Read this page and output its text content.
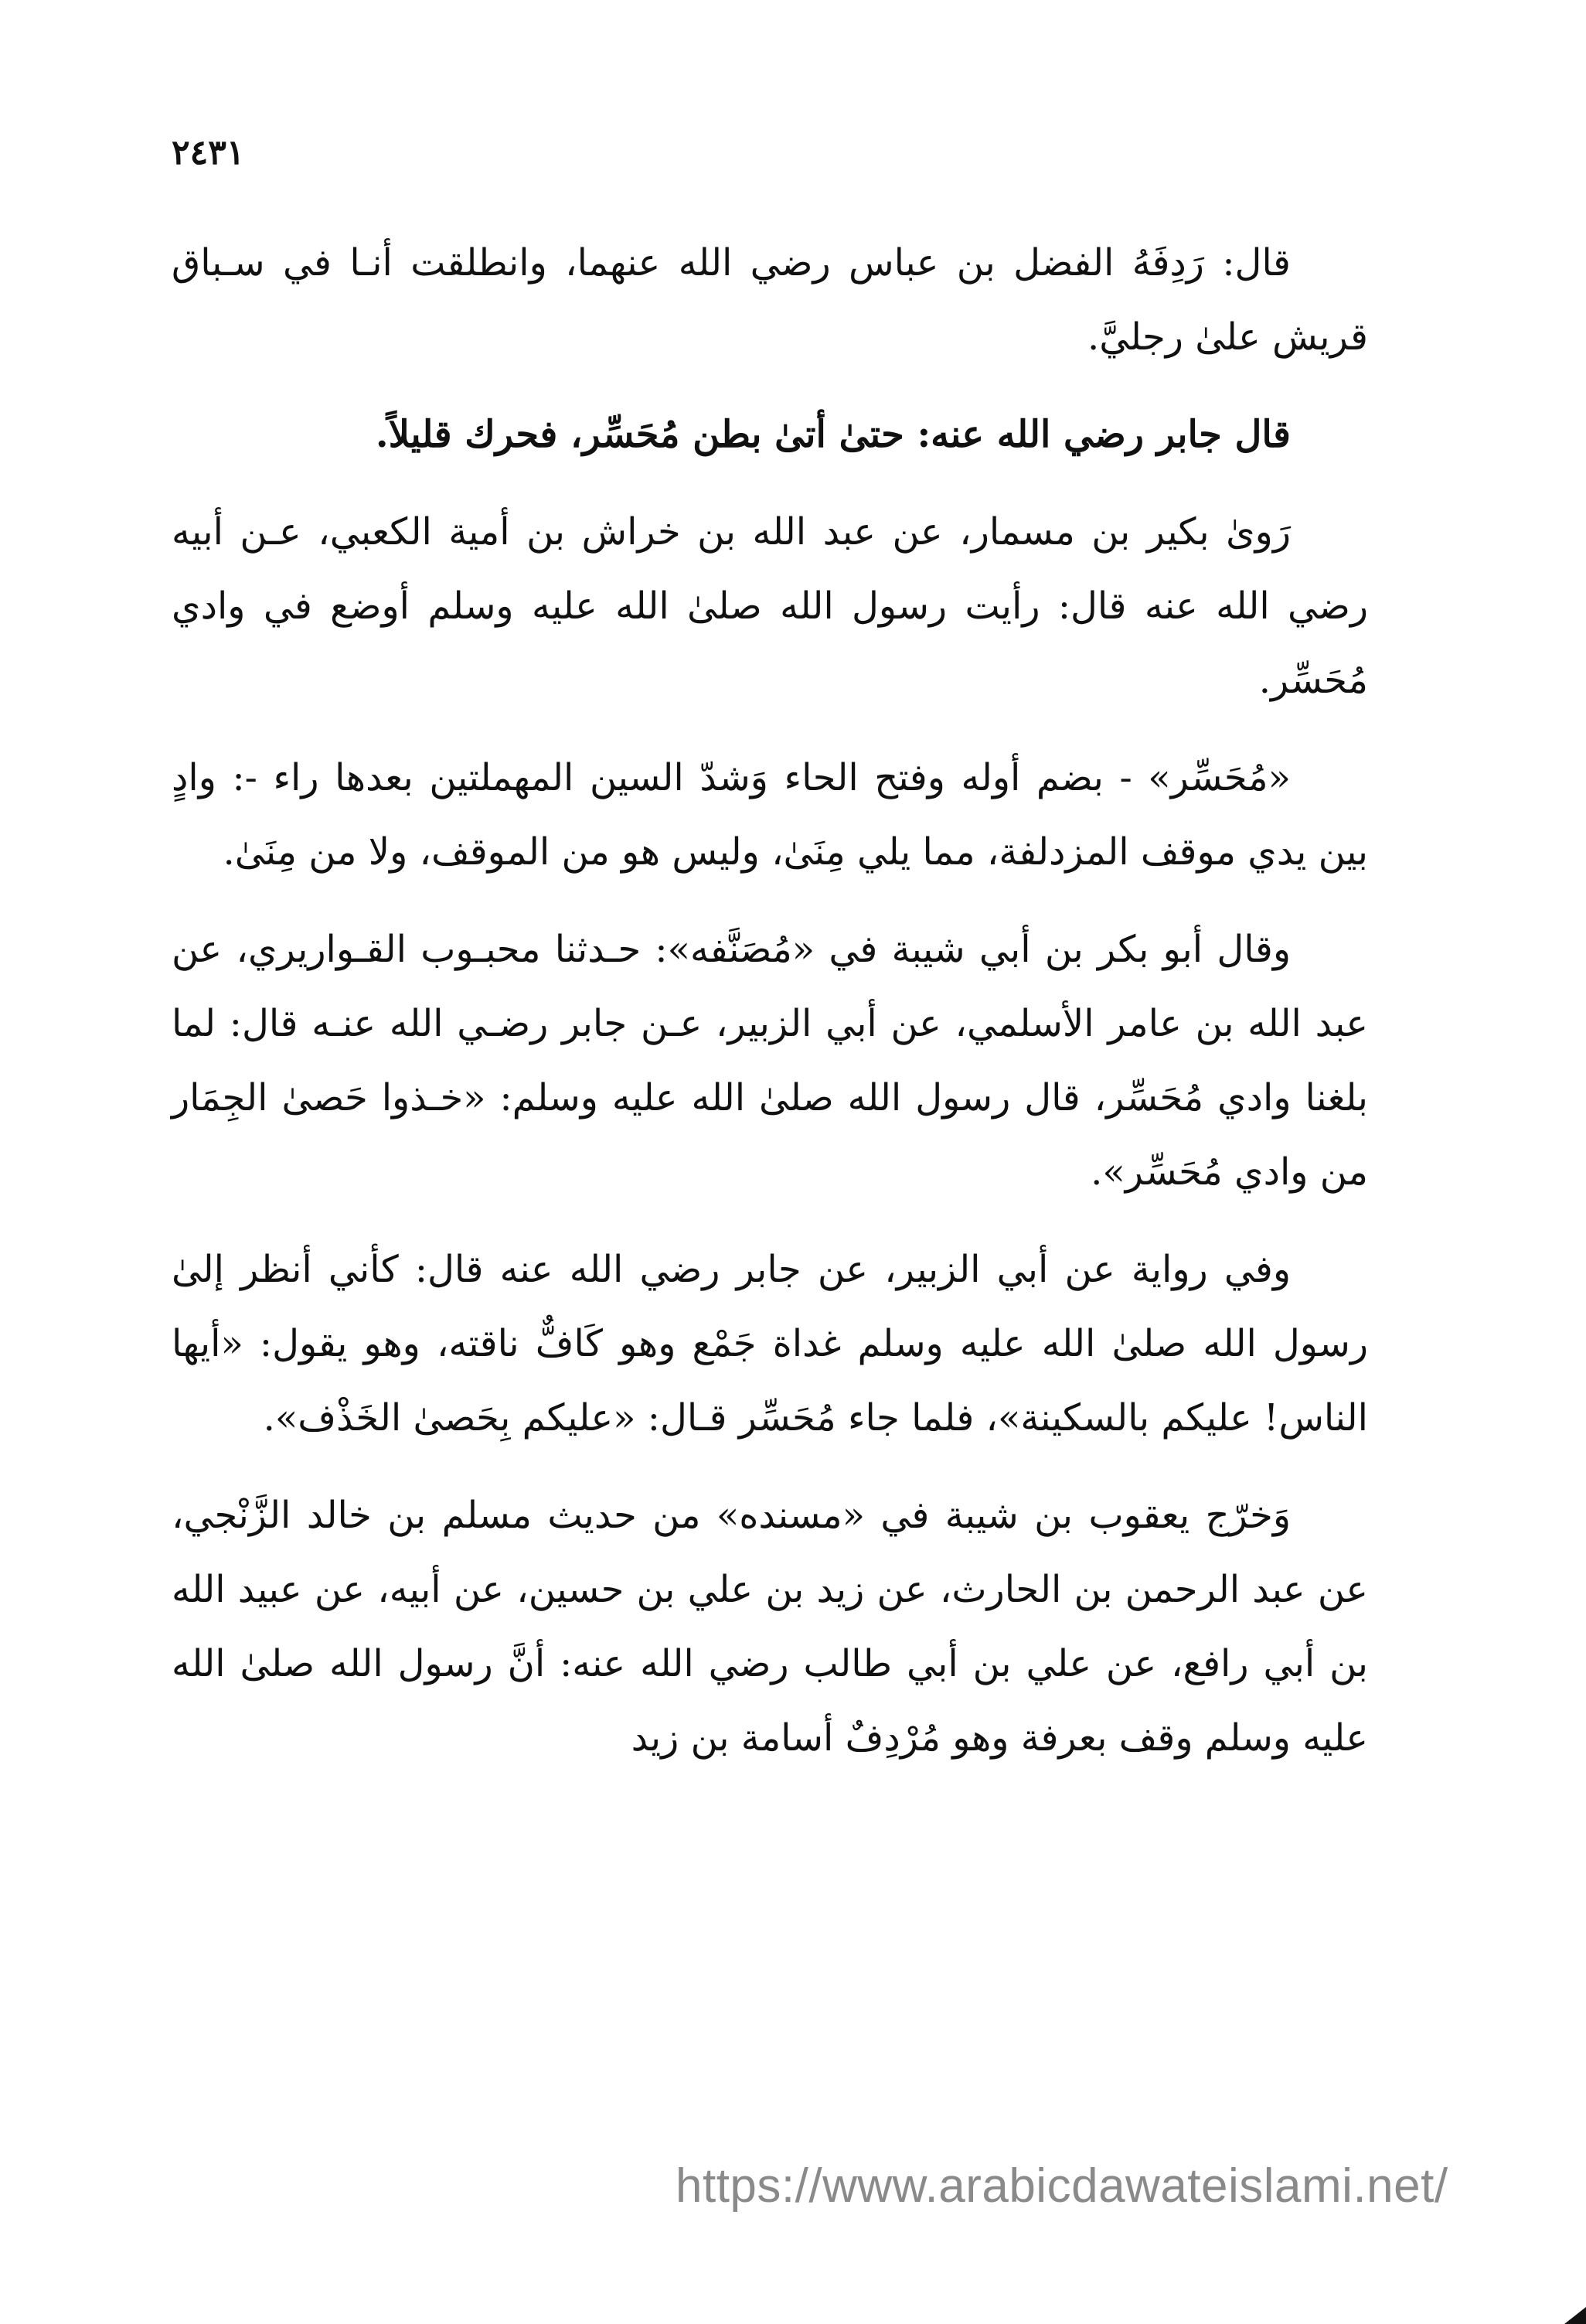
٢٤٣١

قال: رَدِفَهُ الفضل بن عباس رضي الله عنهما، وانطلقت أنـا في سـباق قريش علىٰ رجليَّ.

قال جابر رضي الله عنه: حتىٰ أتىٰ بطن مُحَسِّر، فحرك قليلاً.

رَوىٰ بكير بن مسمار، عن عبد الله بن خراش بن أمية الكعبي، عـن أبيه رضي الله عنه قال: رأيت رسول الله صلىٰ الله عليه وسلم أوضع في وادي مُحَسِّر.

«مُحَسِّر» - بضم أوله وفتح الحاء وَشدّ السين المهملتين بعدها راء -: وادٍ بين يدي موقف المزدلفة، مما يلي مِنَىٰ، وليس هو من الموقف، ولا من مِنَىٰ.

وقال أبو بكر بن أبي شيبة في «مُصَنَّفه»: حـدثنا محبـوب القـواريري، عن عبد الله بن عامر الأسلمي، عن أبي الزبير، عـن جابر رضـي الله عنـه قال: لما بلغنا وادي مُحَسِّر، قال رسول الله صلىٰ الله عليه وسلم: «خـذوا حَصىٰ الجِمَار من وادي مُحَسِّر».

وفي رواية عن أبي الزبير، عن جابر رضي الله عنه قال: كأني أنظر إلىٰ رسول الله صلىٰ الله عليه وسلم غداة جَمْع وهو كَافٌّ ناقته، وهو يقول: «أيها الناس! عليكم بالسكينة»، فلما جاء مُحَسِّر قـال: «عليكم بِحَصىٰ الخَذْف».

وَخرّج يعقوب بن شيبة في «مسنده» من حديث مسلم بن خالد الزَّنْجي، عن عبد الرحمن بن الحارث، عن زيد بن علي بن حسين، عن أبيه، عن عبيد الله بن أبي رافع، عن علي بن أبي طالب رضي الله عنه: أنَّ رسول الله صلىٰ الله عليه وسلم وقف بعرفة وهو مُرْدِفٌ أسامة بن زيد

https://www.arabicdawateislami.net/
